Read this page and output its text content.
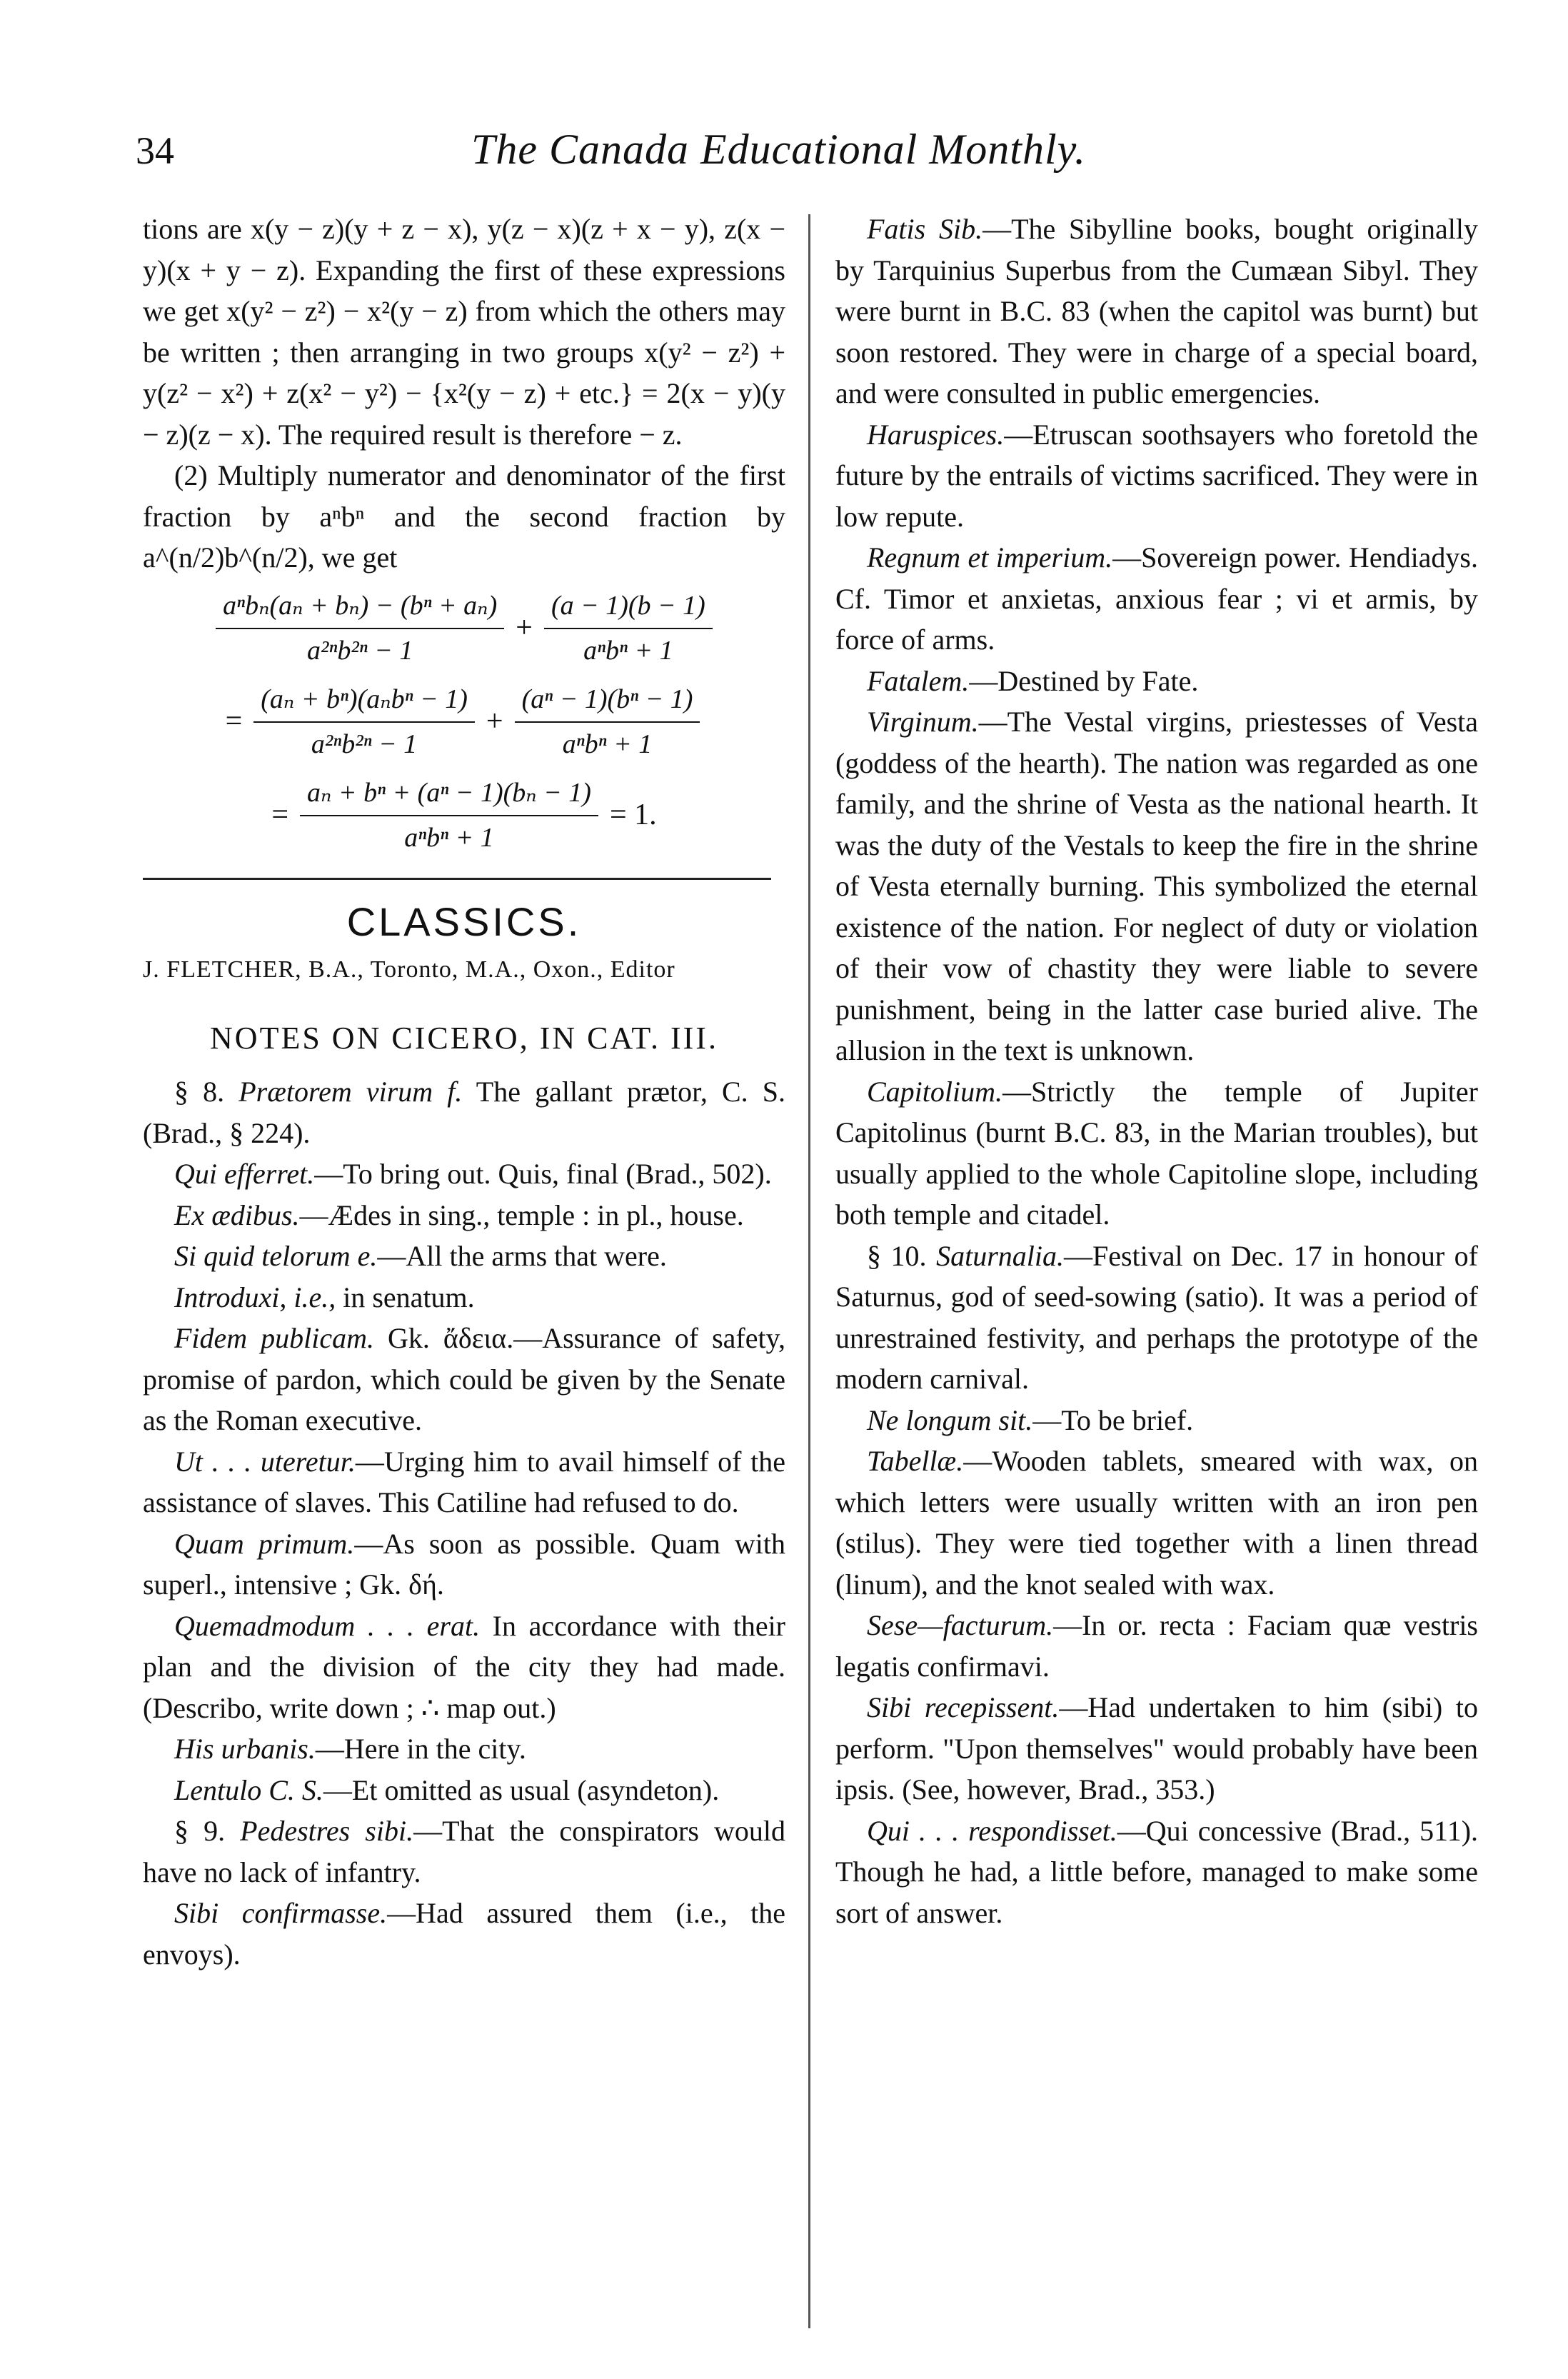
34	The Canada Educational Monthly.

tions are x(y − z)(y + z − x), y(z − x)(z + x − y), z(x − y)(x + y − z). Expanding the first of these expressions we get x(y² − z²) − x²(y − z) from which the others may be written ; then arranging in two groups x(y² − z²) + y(z² − x²) + z(x² − y²) − {x²(y − z) + etc.} = 2(x − y)(y − z)(z − x). The required result is therefore − z.

(2) Multiply numerator and denominator of the first fraction by aⁿbⁿ and the second fraction by a^(n/2)b^(n/2), we get

$\frac{\text{aⁿbₙ(aₙ + bₙ) − (bⁿ + aₙ)}}{\text{a²ⁿb²ⁿ − 1}} + \frac{(a - 1)(b - 1)}{\text{aⁿbⁿ + 1}}$
= $\frac{\text{(aₙ + bⁿ)(aₙbⁿ − 1)}}{\text{a²ⁿb²ⁿ − 1}} + \frac{\text{(aⁿ − 1)(bⁿ − 1)}}{\text{aⁿbⁿ + 1}}$
= $\frac{\text{aₙ + bⁿ + (aⁿ − 1)(bₙ − 1)}}{\text{aⁿbⁿ + 1}} = 1$.
CLASSICS.
J. FLETCHER, B.A., Toronto, M.A., Oxon., Editor
NOTES ON CICERO, IN CAT. III.

§ 8. Prætorem virum f. The gallant prætor, C. S. (Brad., § 224).

Qui efferret.—To bring out. Quis, final (Brad., 502).

Ex ædibus.—Ædes in sing., temple : in pl., house.

Si quid telorum e.—All the arms that were.

Introduxi, i.e., in senatum.

Fidem publicam. Gk. ἄδεια.—Assurance of safety, promise of pardon, which could be given by the Senate as the Roman executive.

Ut . . . uteretur.—Urging him to avail himself of the assistance of slaves. This Catiline had refused to do.

Quam primum.—As soon as possible. Quam with superl., intensive ; Gk. δή.

Quemadmodum . . . erat. In accordance with their plan and the division of the city they had made. (Describo, write down ; ∴ map out.)

His urbanis.—Here in the city.

Lentulo C. S.—Et omitted as usual (asyndeton).

§ 9. Pedestres sibi.—That the conspirators would have no lack of infantry.

Sibi confirmasse.—Had assured them (i.e., the envoys).

Fatis Sib.—The Sibylline books, bought originally by Tarquinius Superbus from the Cumæan Sibyl. They were burnt in B.C. 83 (when the capitol was burnt) but soon restored. They were in charge of a special board, and were consulted in public emergencies.

Haruspices.—Etruscan soothsayers who foretold the future by the entrails of victims sacrificed. They were in low repute.

Regnum et imperium.—Sovereign power. Hendiadys. Cf. Timor et anxietas, anxious fear ; vi et armis, by force of arms.

Fatalem.—Destined by Fate.

Virginum.—The Vestal virgins, priestesses of Vesta (goddess of the hearth). The nation was regarded as one family, and the shrine of Vesta as the national hearth. It was the duty of the Vestals to keep the fire in the shrine of Vesta eternally burning. This symbolized the eternal existence of the nation. For neglect of duty or violation of their vow of chastity they were liable to severe punishment, being in the latter case buried alive. The allusion in the text is unknown.

Capitolium.—Strictly the temple of Jupiter Capitolinus (burnt B.C. 83, in the Marian troubles), but usually applied to the whole Capitoline slope, including both temple and citadel.

§ 10. Saturnalia.—Festival on Dec. 17 in honour of Saturnus, god of seed-sowing (satio). It was a period of unrestrained festivity, and perhaps the prototype of the modern carnival.

Ne longum sit.—To be brief.

Tabellæ.—Wooden tablets, smeared with wax, on which letters were usually written with an iron pen (stilus). They were tied together with a linen thread (linum), and the knot sealed with wax.

Sese—facturum.—In or. recta : Faciam quæ vestris legatis confirmavi.

Sibi recepissent.—Had undertaken to him (sibi) to perform. "Upon themselves" would probably have been ipsis. (See, however, Brad., 353.)

Qui . . . respondisset.—Qui concessive (Brad., 511). Though he had, a little before, managed to make some sort of answer.
